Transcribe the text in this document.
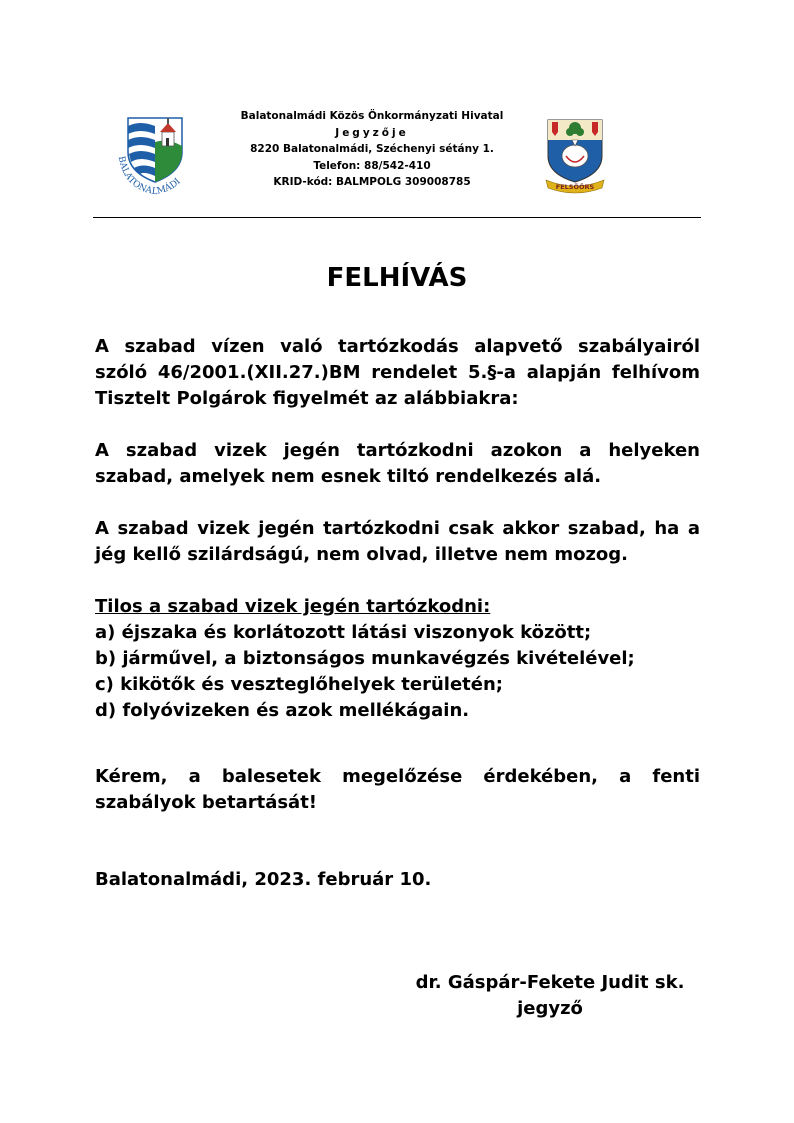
BALATONALMÁDI
Balatonalmádi Közös Önkormányzati Hivatal
Jegyzője
8220 Balatonalmádi, Széchenyi sétány 1.
Telefon: 88/542-410
KRID-kód: BALMPOLG 309008785	FELSŐÖRS
FELHÍVÁS
A szabad vízen való tartózkodás alapvető szabályairól szóló 46/2001.(XII.27.)BM rendelet 5.§-a alapján felhívom Tisztelt Polgárok figyelmét az alábbiakra:
A szabad vizek jegén tartózkodni azokon a helyeken szabad, amelyek nem esnek tiltó rendelkezés alá.
A szabad vizek jegén tartózkodni csak akkor szabad, ha a jég kellő szilárdságú, nem olvad, illetve nem mozog.
Tilos a szabad vizek jegén tartózkodni:
a) éjszaka és korlátozott látási viszonyok között;
b) járművel, a biztonságos munkavégzés kivételével;
c) kikötők és veszteglőhelyek területén;
d) folyóvizeken és azok mellékágain.
Kérem, a balesetek megelőzése érdekében, a fenti szabályok betartását!
Balatonalmádi, 2023. február 10.
dr. Gáspár-Fekete Judit sk.
jegyző
